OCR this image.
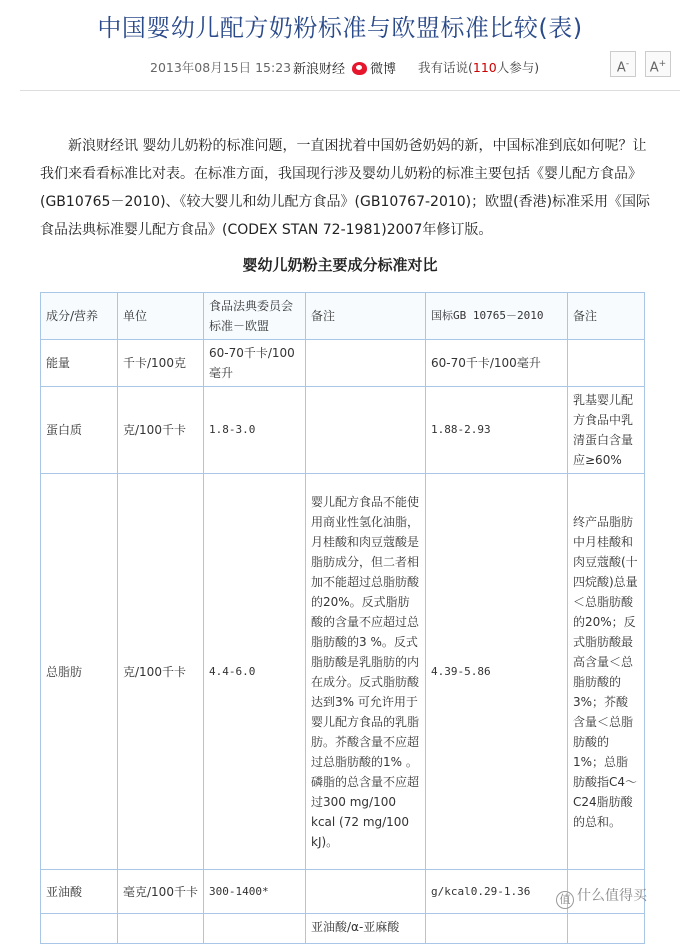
中国婴幼儿配方奶粉标准与欧盟标准比较(表)
2013年08月15日 15:23 新浪财经	微博 我有话说(110人参与)	A-	A+

新浪财经讯 婴幼儿奶粉的标准问题，一直困扰着中国奶爸奶妈的新，中国标准到底如何呢？让我们来看看标准比对表。在标准方面，我国现行涉及婴幼儿奶粉的标准主要包括《婴儿配方食品》(GB10765－2010)、《较大婴儿和幼儿配方食品》(GB10767-2010)；欧盟(香港)标准采用《国际食品法典标准婴儿配方食品》(CODEX STAN 72-1981)2007年修订版。

婴幼儿奶粉主要成分标准对比
成分/营养	单位	食品法典委员会标准－欧盟	备注	国标GB 10765－2010	备注
能量	千卡/100克	60-70千卡/100毫升		60-70千卡/100毫升	
蛋白质	克/100千卡	1.8-3.0		1.88-2.93	乳基婴儿配方食品中乳清蛋白含量应≥60%
总脂肪	克/100千卡	4.4-6.0	婴儿配方食品不能使用商业性氢化油脂，月桂酸和肉豆蔻酸是脂肪成分，但二者相加不能超过总脂肪酸的20%。反式脂肪酸的含量不应超过总脂肪酸的3 %。反式脂肪酸是乳脂肪的内在成分。反式脂肪酸达到3% 可允许用于婴儿配方食品的乳脂肪。芥酸含量不应超过总脂肪酸的1% 。磷脂的总含量不应超过300 mg/100 kcal (72 mg/100 kJ)。	4.39-5.86	终产品脂肪中月桂酸和肉豆蔻酸(十四烷酸)总量＜总脂肪酸的20%；反式脂肪酸最高含量＜总脂肪酸的3%；芥酸含量＜总脂肪酸的1%；总脂肪酸指C4～C24脂肪酸的总和。
亚油酸	毫克/100千卡	300-1400*		g/kcal0.29-1.36	
			亚油酸/α-亚麻酸		
值 什么值得买
